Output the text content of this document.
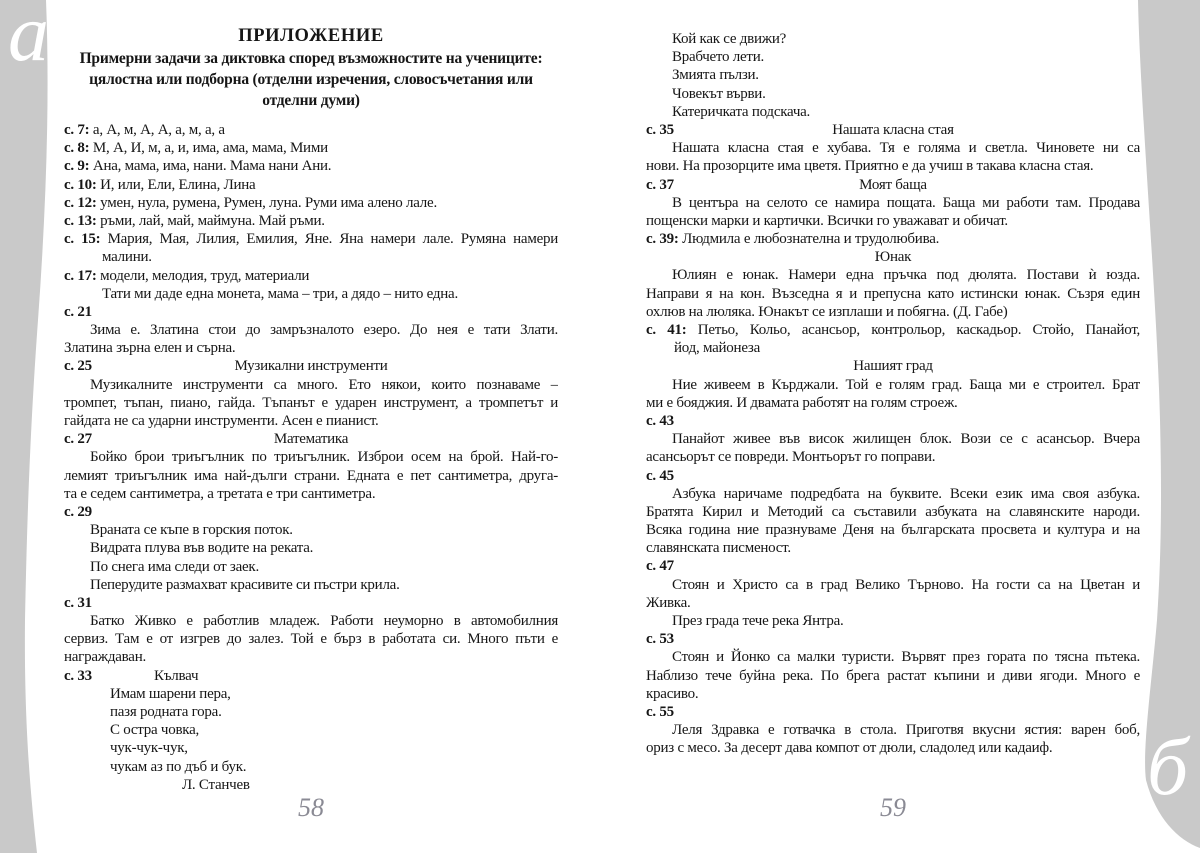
а
б
ПРИЛОЖЕНИЕ
Примерни задачи за диктовка според възможностите на учениците:
цялостна или подборна (отделни изречения, словосъчетания или
отделни думи)
с. 7: а, А, м, А, А, а, м, а, а
с. 8: М, А, И, м, а, и, има, ама, мама, Мими
с. 9: Ана, мама, има, нани. Мама нани Ани.
с. 10: И, или, Ели, Елина, Лина
с. 12: умен, нула, румена, Румен, луна. Руми има алено лале.
с. 13: ръми, лай, май, маймуна. Май ръми.
с. 15: Мария, Мая, Лилия, Емилия, Яне. Яна намери лале. Румяна намери
малини.
с. 17: модели, мелодия, труд, материали
Тати ми даде една монета, мама – три, а дядо – нито една.
с. 21
Зима е. Златина стои до замръзналото езеро. До нея е тати Злати.
Златина зърна елен и сърна.
с. 25	Музикални инструменти
Музикалните инструменти са много. Ето някои, които познаваме –
тромпет, тъпан, пиано, гайда. Тъпанът е ударен инструмент, а тромпетът и
гайдата не са ударни инструменти. Асен е пианист.
с. 27	Математика
Бойко брои триъгълник по триъгълник. Изброи осем на брой. Най-го-
лемият триъгълник има най-дълги страни. Едната е пет сантиметра, друга-
та е седем сантиметра, а третата е три сантиметра.
с. 29
Враната се къпе в горския поток.
Видрата плува във водите на реката.
По снега има следи от заек.
Пеперудите размахват красивите си пъстри крила.
с. 31
Батко Живко е работлив младеж. Работи неуморно в автомобилния
сервиз. Там е от изгрев до залез. Той е бърз в работата си. Много пъти е
награждаван.
с. 33	Кълвач
Имам шарени пера,
пазя родната гора.
С остра човка,
чук-чук-чук,
чукам аз по дъб и бук.
Л. Станчев
Кой как се движи?
Врабчето лети.
Змията пълзи.
Човекът върви.
Катеричката подскача.
с. 35	Нашата класна стая
Нашата класна стая е хубава. Тя е голяма и светла. Чиновете ни са
нови. На прозорците има цветя. Приятно е да учиш в такава класна стая.
с. 37	Моят баща
В центъра на селото се намира пощата. Баща ми работи там. Продава
пощенски марки и картички. Всички го уважават и обичат.
с. 39: Людмила е любознателна и трудолюбива.
Юнак
Юлиян е юнак. Намери една пръчка под дюлята. Постави ѝ юзда.
Направи я на кон. Възседна я и препусна като истински юнак. Съзря един
охлюв на люляка. Юнакът се изплаши и побягна. (Д. Габе)
с. 41: Петьо, Кольо, асансьор, контрольор, каскадьор. Стойо, Панайот,
йод, майонеза
Нашият град
Ние живеем в Кърджали. Той е голям град. Баща ми е строител. Брат
ми е бояджия. И двамата работят на голям строеж.
с. 43
Панайот живее във висок жилищен блок. Вози се с асансьор. Вчера
асансьорът се повреди. Монтьорът го поправи.
с. 45
Азбука наричаме подредбата на буквите. Всеки език има своя азбука.
Братята Кирил и Методий са съставили азбуката на славянските народи.
Всяка година ние празнуваме Деня на българската просвета и култура и на
славянската писменост.
с. 47
Стоян и Христо са в град Велико Търново. На гости са на Цветан и
Живка.
През града тече река Янтра.
с. 53
Стоян и Йонко са малки туристи. Вървят през гората по тясна пътека.
Наблизо тече буйна река. По брега растат къпини и диви ягоди. Много е
красиво.
с. 55
Леля Здравка е готвачка в стола. Приготвя вкусни ястия: варен боб,
ориз с месо. За десерт дава компот от дюли, сладолед или кадаиф.
58	59
